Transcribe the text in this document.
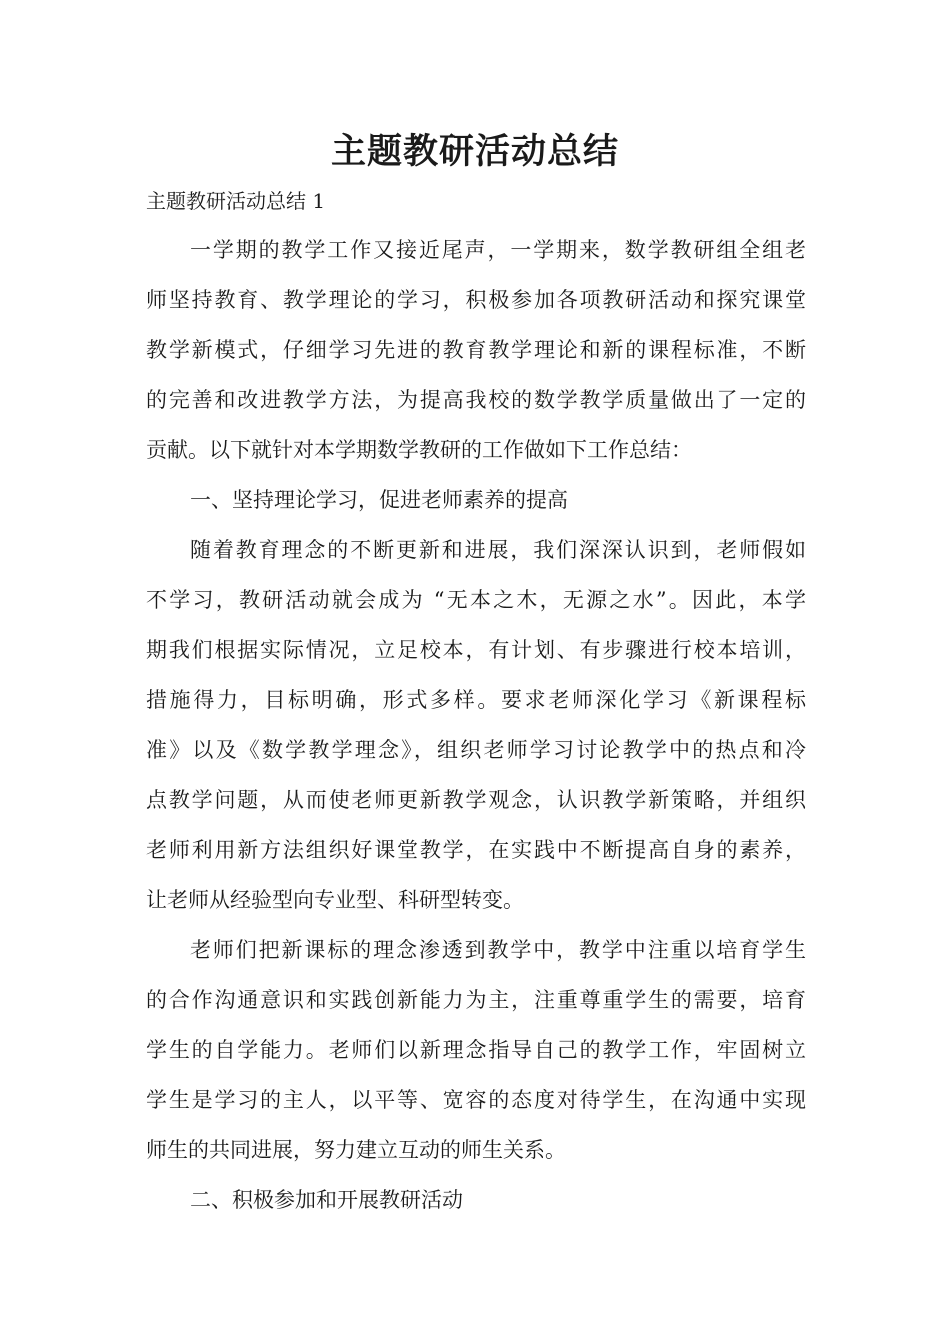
主题教研活动总结

主题教研活动总结 1

一学期的教学工作又接近尾声，一学期来，数学教研组全组老

师坚持教育、教学理论的学习，积极参加各项教研活动和探究课堂

教学新模式，仔细学习先进的教育教学理论和新的课程标准，不断

的完善和改进教学方法，为提高我校的数学教学质量做出了一定的

贡献。以下就针对本学期数学教研的工作做如下工作总结：

一、坚持理论学习，促进老师素养的提高

随着教育理念的不断更新和进展，我们深深认识到，老师假如

不学习，教研活动就会成为 “无本之木，无源之水”。因此，本学

期我们根据实际情况，立足校本，有计划、有步骤进行校本培训，

措施得力，目标明确，形式多样。要求老师深化学习《新课程标

准》以及《数学教学理念》，组织老师学习讨论教学中的热点和冷

点教学问题，从而使老师更新教学观念，认识教学新策略，并组织

老师利用新方法组织好课堂教学，在实践中不断提高自身的素养，

让老师从经验型向专业型、科研型转变。

老师们把新课标的理念渗透到教学中，教学中注重以培育学生

的合作沟通意识和实践创新能力为主，注重尊重学生的需要，培育

学生的自学能力。老师们以新理念指导自己的教学工作，牢固树立

学生是学习的主人，以平等、宽容的态度对待学生，在沟通中实现

师生的共同进展，努力建立互动的师生关系。

二、积极参加和开展教研活动
